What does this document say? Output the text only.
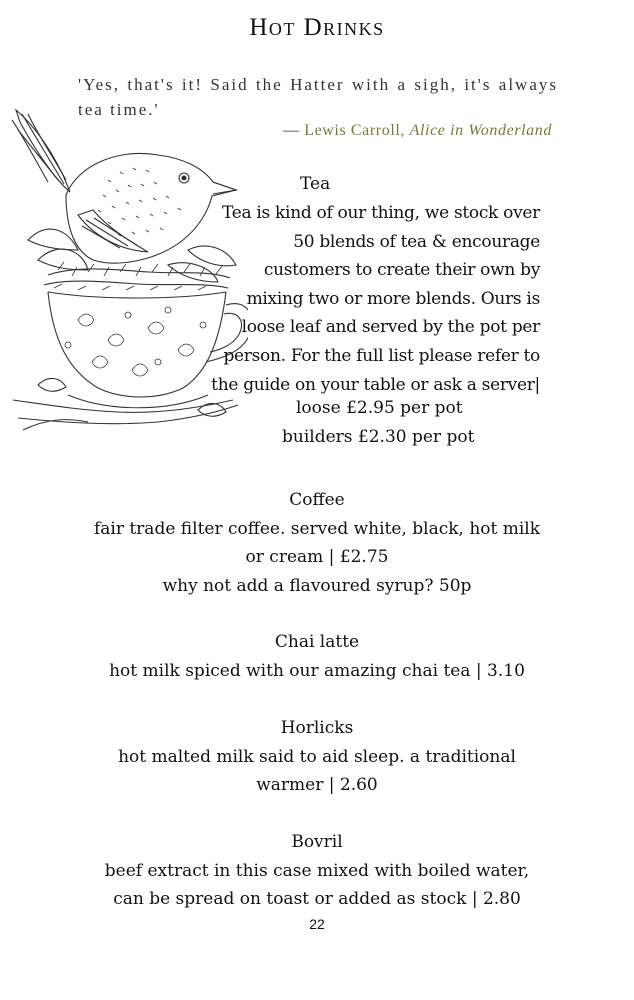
Hot Drinks
'Yes, that's it! Said the Hatter with a sigh, it's always tea time.'
— Lewis Carroll, Alice in Wonderland
Tea
Tea is kind of our thing, we stock over
50 blends of tea & encourage
customers to create their own by
mixing two or more blends. Ours is
loose leaf and served by the pot per
person. For the full list please refer to
the guide on your table or ask a server|
loose £2.95 per pot
builders £2.30 per pot
Coffee
fair trade filter coffee. served white, black, hot milk
or cream | £2.75
why not add a flavoured syrup? 50p
Chai latte
hot milk spiced with our amazing chai tea | 3.10
Horlicks
hot malted milk said to aid sleep. a traditional
warmer | 2.60
Bovril
beef extract in this case mixed with boiled water,
can be spread on toast or added as stock | 2.80
22
